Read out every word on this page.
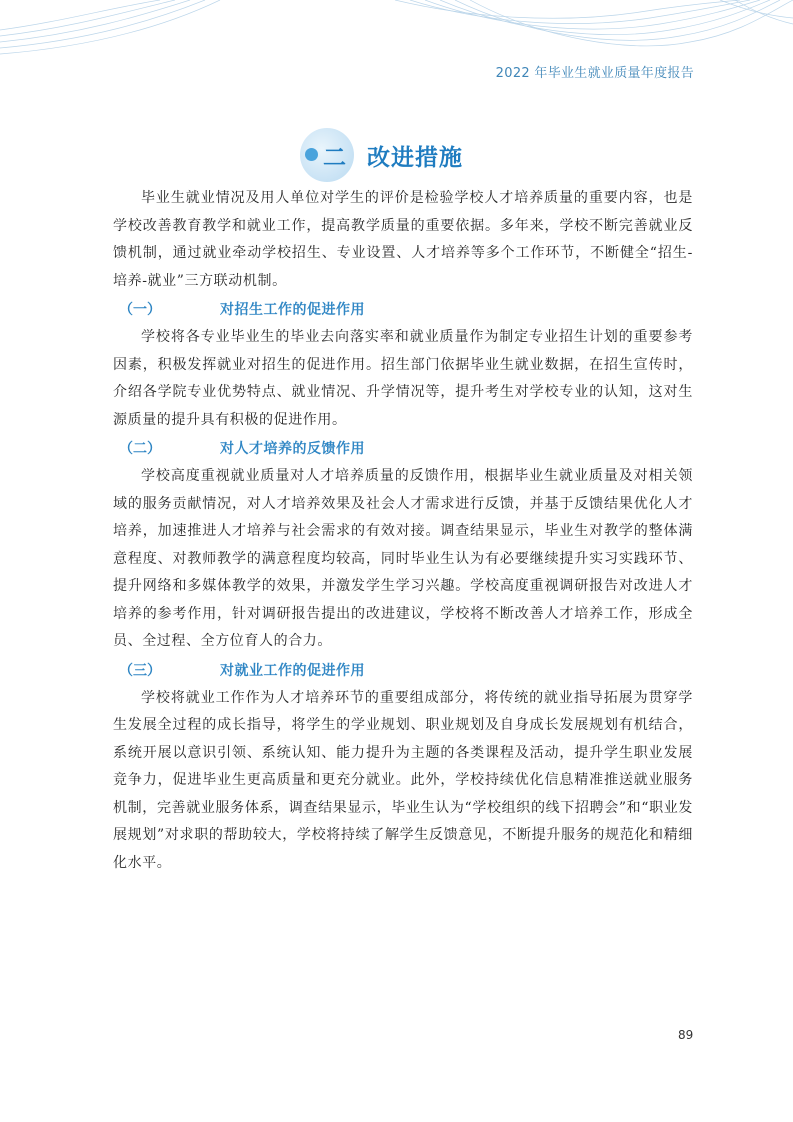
2022 年毕业生就业质量年度报告
二 改进措施

毕业生就业情况及用人单位对学生的评价是检验学校人才培养质量的重要内容，也是学校改善教育教学和就业工作，提高教学质量的重要依据。多年来，学校不断完善就业反馈机制，通过就业牵动学校招生、专业设置、人才培养等多个工作环节，不断健全“招生-培养-就业”三方联动机制。

（一）	对招生工作的促进作用

学校将各专业毕业生的毕业去向落实率和就业质量作为制定专业招生计划的重要参考因素，积极发挥就业对招生的促进作用。招生部门依据毕业生就业数据，在招生宣传时，介绍各学院专业优势特点、就业情况、升学情况等，提升考生对学校专业的认知，这对生源质量的提升具有积极的促进作用。

（二）	对人才培养的反馈作用

学校高度重视就业质量对人才培养质量的反馈作用，根据毕业生就业质量及对相关领域的服务贡献情况，对人才培养效果及社会人才需求进行反馈，并基于反馈结果优化人才培养，加速推进人才培养与社会需求的有效对接。调查结果显示，毕业生对教学的整体满意程度、对教师教学的满意程度均较高，同时毕业生认为有必要继续提升实习实践环节、提升网络和多媒体教学的效果，并激发学生学习兴趣。学校高度重视调研报告对改进人才培养的参考作用，针对调研报告提出的改进建议，学校将不断改善人才培养工作，形成全员、全过程、全方位育人的合力。

（三）	对就业工作的促进作用

学校将就业工作作为人才培养环节的重要组成部分，将传统的就业指导拓展为贯穿学生发展全过程的成长指导，将学生的学业规划、职业规划及自身成长发展规划有机结合，系统开展以意识引领、系统认知、能力提升为主题的各类课程及活动，提升学生职业发展竞争力，促进毕业生更高质量和更充分就业。此外，学校持续优化信息精准推送就业服务机制，完善就业服务体系，调查结果显示，毕业生认为“学校组织的线下招聘会”和“职业发展规划”对求职的帮助较大，学校将持续了解学生反馈意见，不断提升服务的规范化和精细化水平。

89
